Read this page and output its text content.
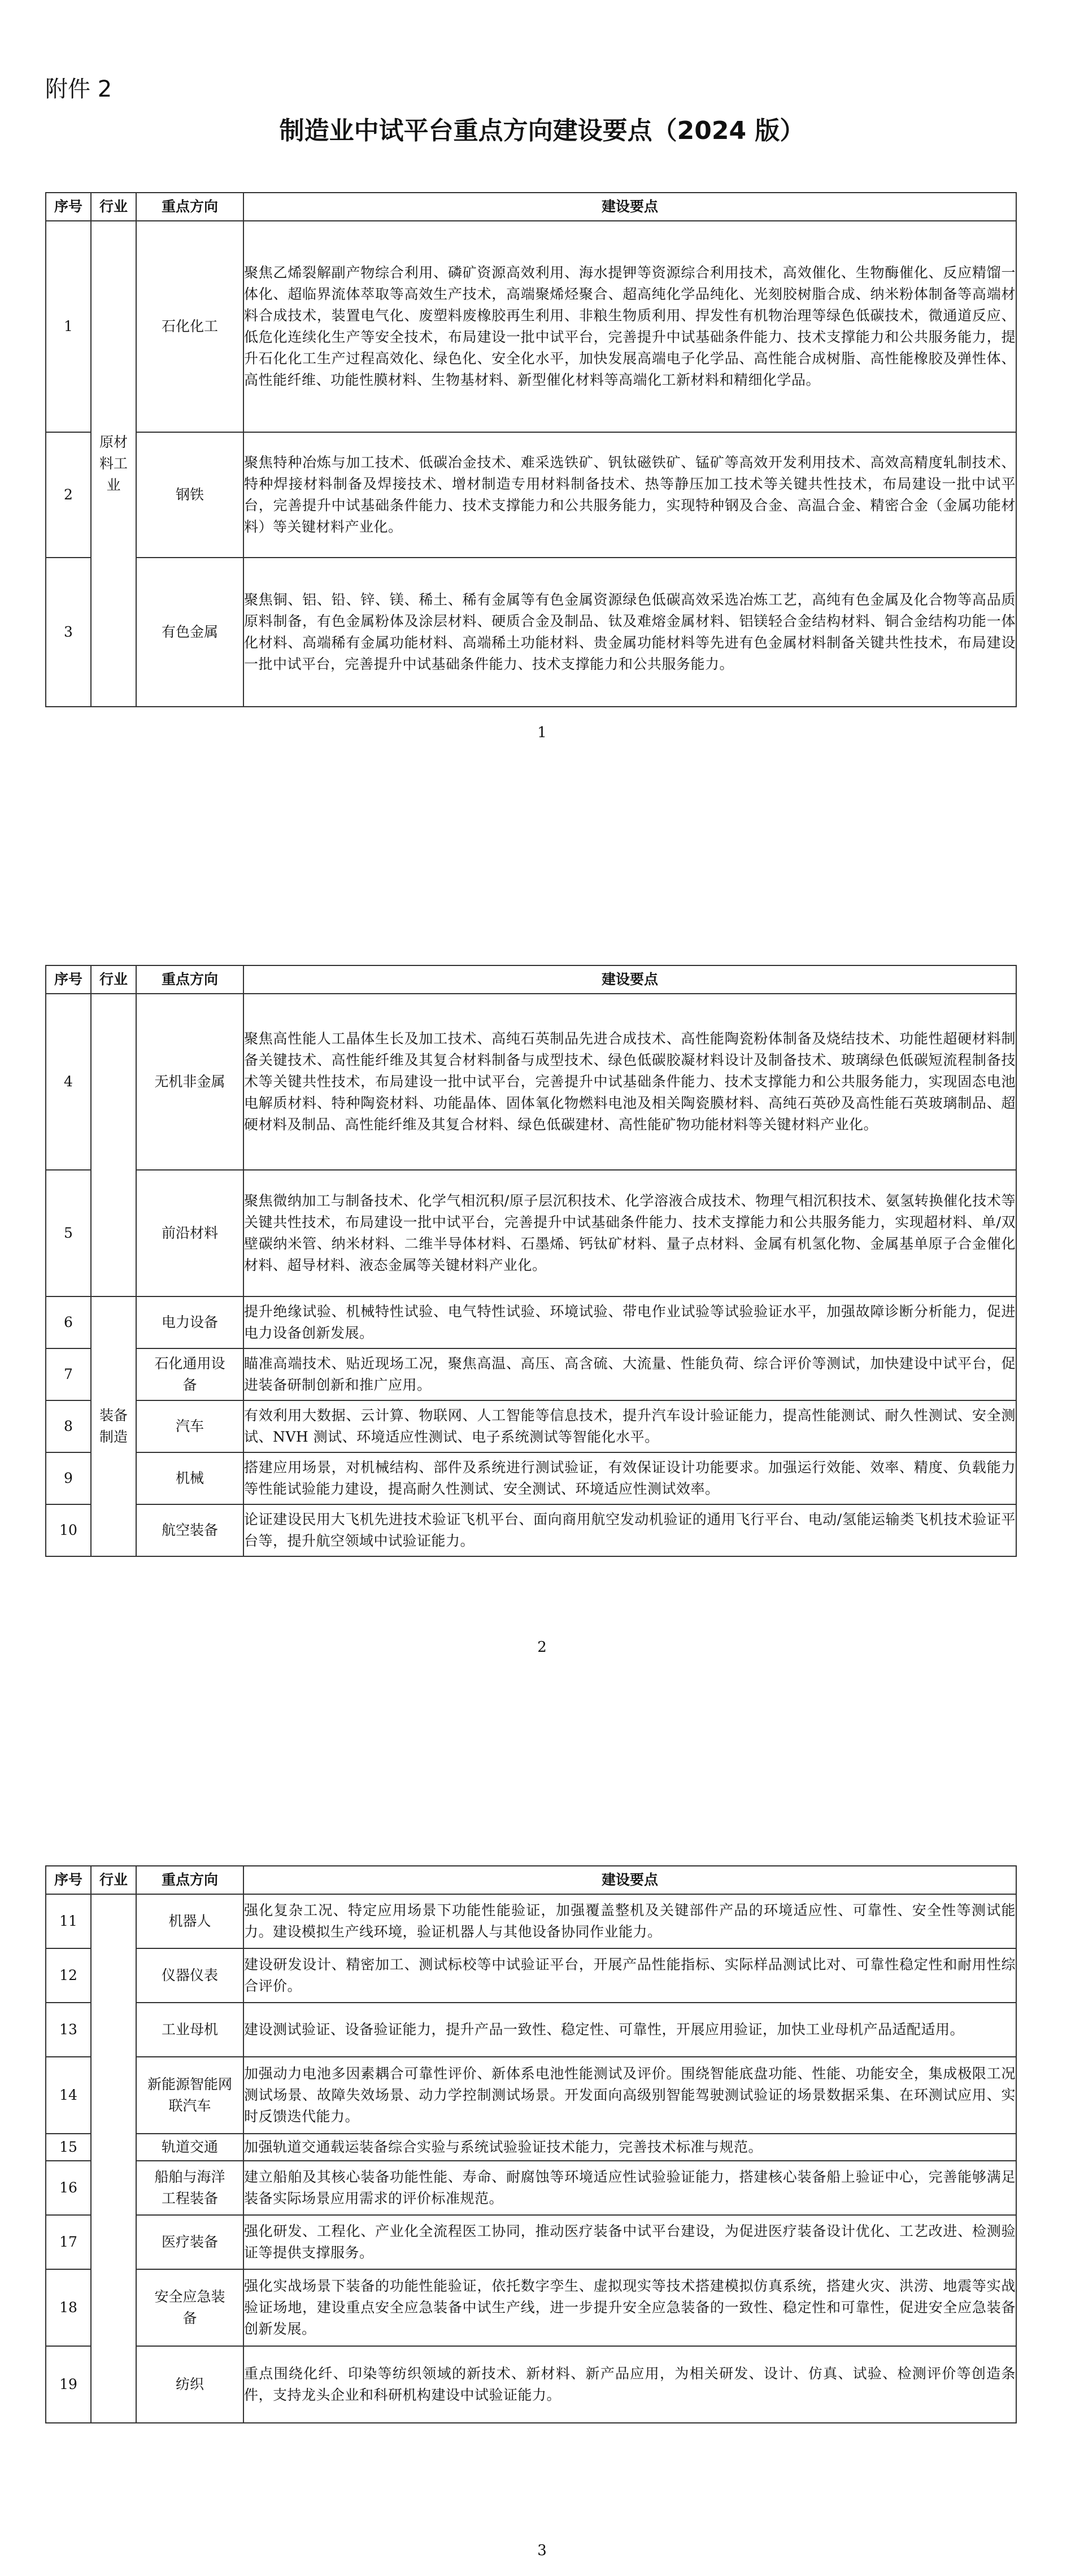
附件 2
制造业中试平台重点方向建设要点（2024 版）
序号	行业	重点方向	建设要点
1	原材料工业	石化化工	聚焦乙烯裂解副产物综合利用、磷矿资源高效利用、海水提钾等资源综合利用技术，高效催化、生物酶催化、反应精馏一体化、超临界流体萃取等高效生产技术，高端聚烯烃聚合、超高纯化学品纯化、光刻胶树脂合成、纳米粉体制备等高端材料合成技术，装置电气化、废塑料废橡胶再生利用、非粮生物质利用、捍发性有机物治理等绿色低碳技术，微通道反应、低危化连续化生产等安全技术，布局建设一批中试平台，完善提升中试基础条件能力、技术支撑能力和公共服务能力，提升石化化工生产过程高效化、绿色化、安全化水平，加快发展高端电子化学品、高性能合成树脂、高性能橡胶及弹性体、高性能纤维、功能性膜材料、生物基材料、新型催化材料等高端化工新材料和精细化学品。
2		钢铁	聚焦特种冶炼与加工技术、低碳冶金技术、难采选铁矿、钒钛磁铁矿、锰矿等高效开发利用技术、高效高精度轧制技术、特种焊接材料制备及焊接技术、增材制造专用材料制备技术、热等静压加工技术等关键共性技术，布局建设一批中试平台，完善提升中试基础条件能力、技术支撑能力和公共服务能力，实现特种钢及合金、高温合金、精密合金（金属功能材料）等关键材料产业化。
3		有色金属	聚焦铜、铝、铅、锌、镁、稀土、稀有金属等有色金属资源绿色低碳高效采选冶炼工艺，高纯有色金属及化合物等高品质原料制备，有色金属粉体及涂层材料、硬质合金及制品、钛及难熔金属材料、铝镁轻合金结构材料、铜合金结构功能一体化材料、高端稀有金属功能材料、高端稀土功能材料、贵金属功能材料等先进有色金属材料制备关键共性技术，布局建设一批中试平台，完善提升中试基础条件能力、技术支撑能力和公共服务能力。
1
序号	行业	重点方向	建设要点
4		无机非金属	聚焦高性能人工晶体生长及加工技术、高纯石英制品先进合成技术、高性能陶瓷粉体制备及烧结技术、功能性超硬材料制备关键技术、高性能纤维及其复合材料制备与成型技术、绿色低碳胶凝材料设计及制备技术、玻璃绿色低碳短流程制备技术等关键共性技术，布局建设一批中试平台，完善提升中试基础条件能力、技术支撑能力和公共服务能力，实现固态电池电解质材料、特种陶瓷材料、功能晶体、固体氧化物燃料电池及相关陶瓷膜材料、高纯石英砂及高性能石英玻璃制品、超硬材料及制品、高性能纤维及其复合材料、绿色低碳建材、高性能矿物功能材料等关键材料产业化。
5		前沿材料	聚焦微纳加工与制备技术、化学气相沉积/原子层沉积技术、化学溶液合成技术、物理气相沉积技术、氨氢转换催化技术等关键共性技术，布局建设一批中试平台，完善提升中试基础条件能力、技术支撑能力和公共服务能力，实现超材料、单/双壁碳纳米管、纳米材料、二维半导体材料、石墨烯、钙钛矿材料、量子点材料、金属有机氢化物、金属基单原子合金催化材料、超导材料、液态金属等关键材料产业化。
6	装备制造	电力设备	提升绝缘试验、机械特性试验、电气特性试验、环境试验、带电作业试验等试验验证水平，加强故障诊断分析能力，促进电力设备创新发展。
7		石化通用设备	瞄准高端技术、贴近现场工况，聚焦高温、高压、高含硫、大流量、性能负荷、综合评价等测试，加快建设中试平台，促进装备研制创新和推广应用。
8		汽车	有效利用大数据、云计算、物联网、人工智能等信息技术，提升汽车设计验证能力，提高性能测试、耐久性测试、安全测试、NVH 测试、环境适应性测试、电子系统测试等智能化水平。
9		机械	搭建应用场景，对机械结构、部件及系统进行测试验证，有效保证设计功能要求。加强运行效能、效率、精度、负载能力等性能试验能力建设，提高耐久性测试、安全测试、环境适应性测试效率。
10		航空装备	论证建设民用大飞机先进技术验证飞机平台、面向商用航空发动机验证的通用飞行平台、电动/氢能运输类飞机技术验证平台等，提升航空领域中试验证能力。
2
序号	行业	重点方向	建设要点
11		机器人	强化复杂工况、特定应用场景下功能性能验证，加强覆盖整机及关键部件产品的环境适应性、可靠性、安全性等测试能力。建设模拟生产线环境，验证机器人与其他设备协同作业能力。
12		仪器仪表	建设研发设计、精密加工、测试标校等中试验证平台，开展产品性能指标、实际样品测试比对、可靠性稳定性和耐用性综合评价。
13		工业母机	建设测试验证、设备验证能力，提升产品一致性、稳定性、可靠性，开展应用验证，加快工业母机产品适配适用。
14		新能源智能网联汽车	加强动力电池多因素耦合可靠性评价、新体系电池性能测试及评价。围绕智能底盘功能、性能、功能安全，集成极限工况测试场景、故障失效场景、动力学控制测试场景。开发面向高级别智能驾驶测试验证的场景数据采集、在环测试应用、实时反馈迭代能力。
15		轨道交通	加强轨道交通载运装备综合实验与系统试验验证技术能力，完善技术标准与规范。
16		船舶与海洋工程装备	建立船舶及其核心装备功能性能、寿命、耐腐蚀等环境适应性试验验证能力，搭建核心装备船上验证中心，完善能够满足装备实际场景应用需求的评价标准规范。
17		医疗装备	强化研发、工程化、产业化全流程医工协同，推动医疗装备中试平台建设，为促进医疗装备设计优化、工艺改进、检测验证等提供支撑服务。
18		安全应急装备	强化实战场景下装备的功能性能验证，依托数字孪生、虚拟现实等技术搭建模拟仿真系统，搭建火灾、洪涝、地震等实战验证场地，建设重点安全应急装备中试生产线，进一步提升安全应急装备的一致性、稳定性和可靠性，促进安全应急装备创新发展。
19		纺织	重点围绕化纤、印染等纺织领域的新技术、新材料、新产品应用，为相关研发、设计、仿真、试验、检测评价等创造条件，支持龙头企业和科研机构建设中试验证能力。
3
